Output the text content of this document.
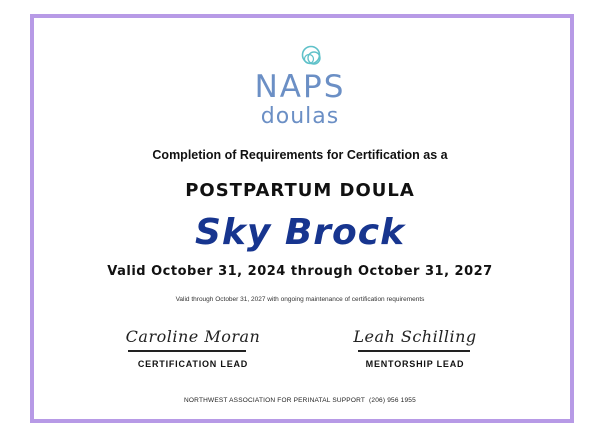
NAPS
doulas
Completion of Requirements for Certification as a
POSTPARTUM DOULA
Sky Brock
Valid October 31, 2024 through October 31, 2027
Valid through October 31, 2027 with ongoing maintenance of certification requirements
Caroline Moran
CERTIFICATION LEAD
Leah Schilling
MENTORSHIP LEAD
NORTHWEST ASSOCIATION FOR PERINATAL SUPPORT (206) 956 1955
